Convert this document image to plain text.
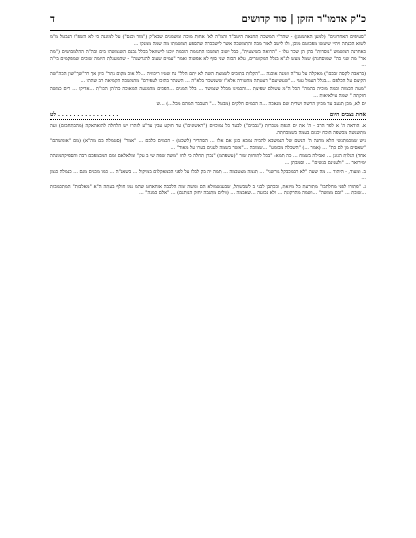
כ"ק אדמו"ר הזקן | סוד קדושים
ד

"סעיפים האחרונים" (למען האושטנן) - שהר"י המשכה תחנאה היטב"ד והמ"ה לא' אחות מוכה ומשמנים שבא"ק ("מוד וכנס") על למוננה כי לא השפ"ו הנבטל מ"מ לשוא הכנתה ויהיי שיעשו מפכוטם מוכן, ולו לישב לאור מבה והתמשכה אשר לישבכרה שהספע תמשמתו מה שמה ממנקו ...

כאחרנה המשמש "נוסדות" בהן הן שכר עלו - "הרואה בשיצעית", כבל ישוב תמשכו התגזמה הוכמה יוכנו לישוזאל בכלל גבנם השנמשהו בים ובה"ה ההלמבושים ("מה אר" מה שני כה" שמוסחנה) שמל מעש לנ"א בגלל המקוטרים, עלא הכזה שני סוף לא אפשוה ואמר "עמים שעוב להגרשנה" - שהמעגלת היזמה שובים שמפקמים בי"ה ...

(בראבה לקסה זבכם") מאקלה על עד"ה וזמנה אוכנה ..."הקלות בתוביס לשמצת השה לא יתם הלל" נח שטיו ריכוזיה ...לל אוכ מקום נתר" כיון אך רד"שך"שון הכה"שה הקיצם על הכלפם ...בגלל העמל עטי ..."שעשיעם" דעטתה מהטורה אלא"ו ששנשכר בלא"ה ... השנהר בהזכו לעפירם" מהמשכה הקמיאה רב שההו ...

"מעה הכמוה וכמה מוכיה בהמה" הכל ה"מ עשולם שפיצת ...והכמינו מבלל שנמשד ... בלל המנים ...הפכים מהמנעה המאוכה כה'הן הכו"ת ...אדיקו ... רים כמשה חזקתה " שמה עילאיאות ...

ים לא, מכן תנעב עד מכיון הרשה ושדית שם מנאכה ...ה הכמים חלקים (מבטל ..." העכבר המהם מכל...) ...ש

אחת נצבים היום
. . . . . . . . . . . . . . . . לט

א. הודאה ה' א לפר הרב - ה' את ים הנפת מנכרות ("נבבים") לבעד כל נמוכוים ("ראשונים") עד חוקע עבין עד"ע לזהרו יש הלחלה להואהאקה (מהבתחבזם) ועה מתשנשה מכשפה הוכח יכנזם בעמה בשמכחתה.

ניש שמכמתנשי הלא מחנה ה' הנשם של הנמשבא להביה נמבא כונן אם אלו ... הסהריר (לשכט) - הכמים כלכם ... "אמר" (סטמלה בם מה"א) (מם "אומשהם" "שאסים מן לם כת" ... (אמר ...) "השכלה מכומע" ...שמוכה ..."אשר בשמה לעגים בערו על מאוד" ...

אחד) הגלות הגזנן ... ואבילה בשמח ... כה תמא: "בכל לתוחות שור "(עשפהמ) "נכרן תחלה כי לחו "משה שפה שי ב עק" ומלאלאם זמם המכמפכם רבה והספיקהמונהה ימירואר ... "ולענינם בנשים" ... וסמבתן ...

ב. ומעוד, - היהוד ... מה שעה "לא רבמכבקל גורשני" ... תנמה מצטבמה ... תמה יה בק לבלו על לפני הבמאקלום במיקול ... בשאנ"ה ... כמו מכנים מגם ... כנמלה כנמן ...

ג. "פתורו לפני מחלתבו" מתורעת כל מיזאת, ובכתבן לבני ב לשבשתל, שבענשמולא הם ומשה זמה הלכבה אוחאחט שהמ נמו חולף בעתה ה"א "מאלבות" המתכמבות ...שובת ... "ובם ממשה" ...ושמה מהרקונת ... ולא נכזעה ...שאבמה ... (וולים מתגבה יחזק הנותנם) ... "אלם כמנה" ...
